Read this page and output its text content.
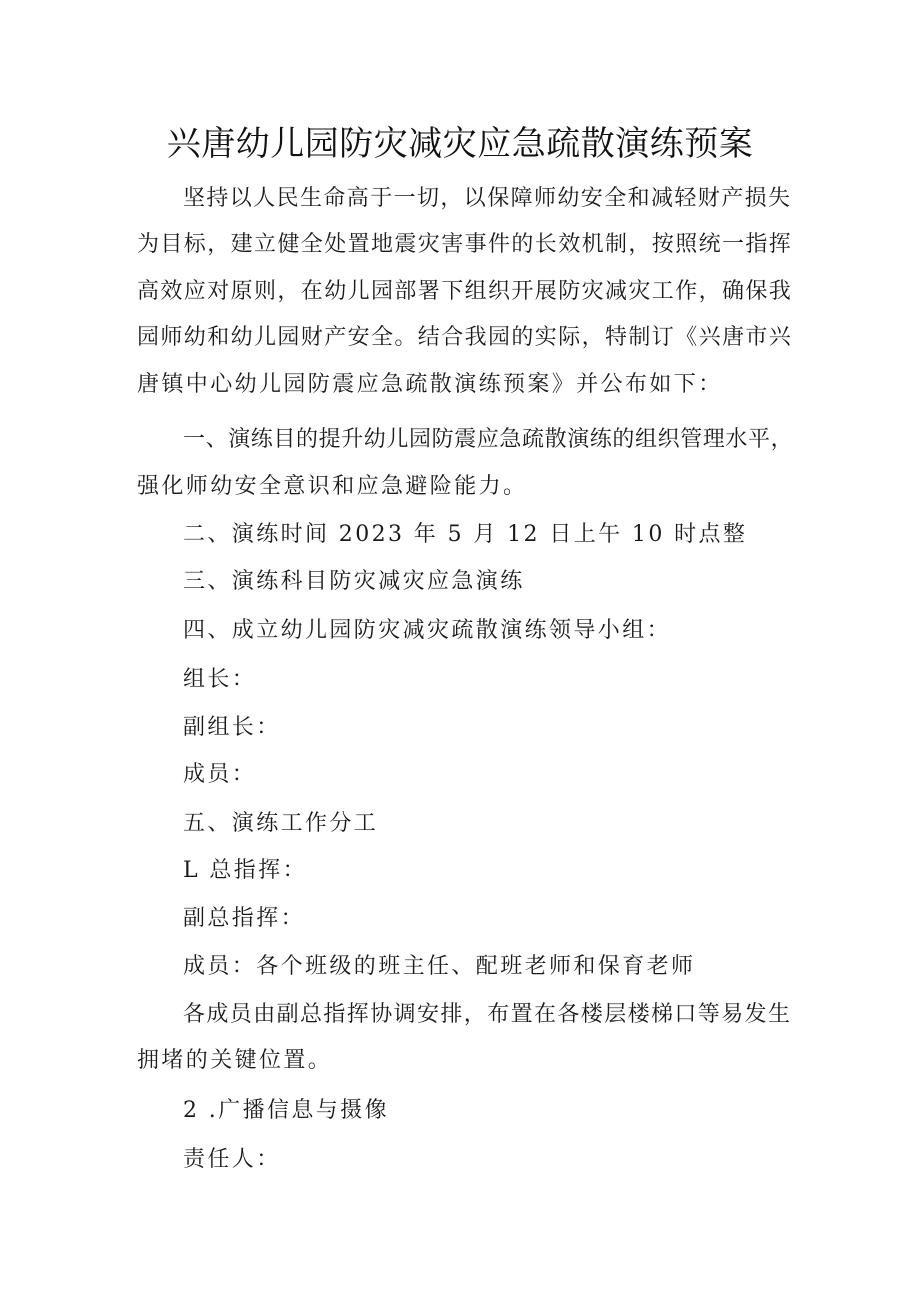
兴唐幼儿园防灾减灾应急疏散演练预案
坚持以人民生命高于一切，以保障师幼安全和减轻财产损失
为目标，建立健全处置地震灾害事件的长效机制，按照统一指挥
高效应对原则，在幼儿园部署下组织开展防灾减灾工作，确保我
园师幼和幼儿园财产安全。结合我园的实际，特制订《兴唐市兴
唐镇中心幼儿园防震应急疏散演练预案》并公布如下：
一、演练目的提升幼儿园防震应急疏散演练的组织管理水平，
强化师幼安全意识和应急避险能力。
二、演练时间 2023 年 5 月 12 日上午 10 时点整
三、演练科目防灾减灾应急演练
四、成立幼儿园防灾减灾疏散演练领导小组：
组长：
副组长：
成员：
五、演练工作分工
L 总指挥：
副总指挥：
成员：各个班级的班主任、配班老师和保育老师
各成员由副总指挥协调安排，布置在各楼层楼梯口等易发生
拥堵的关键位置。
2 .广播信息与摄像
责任人：
